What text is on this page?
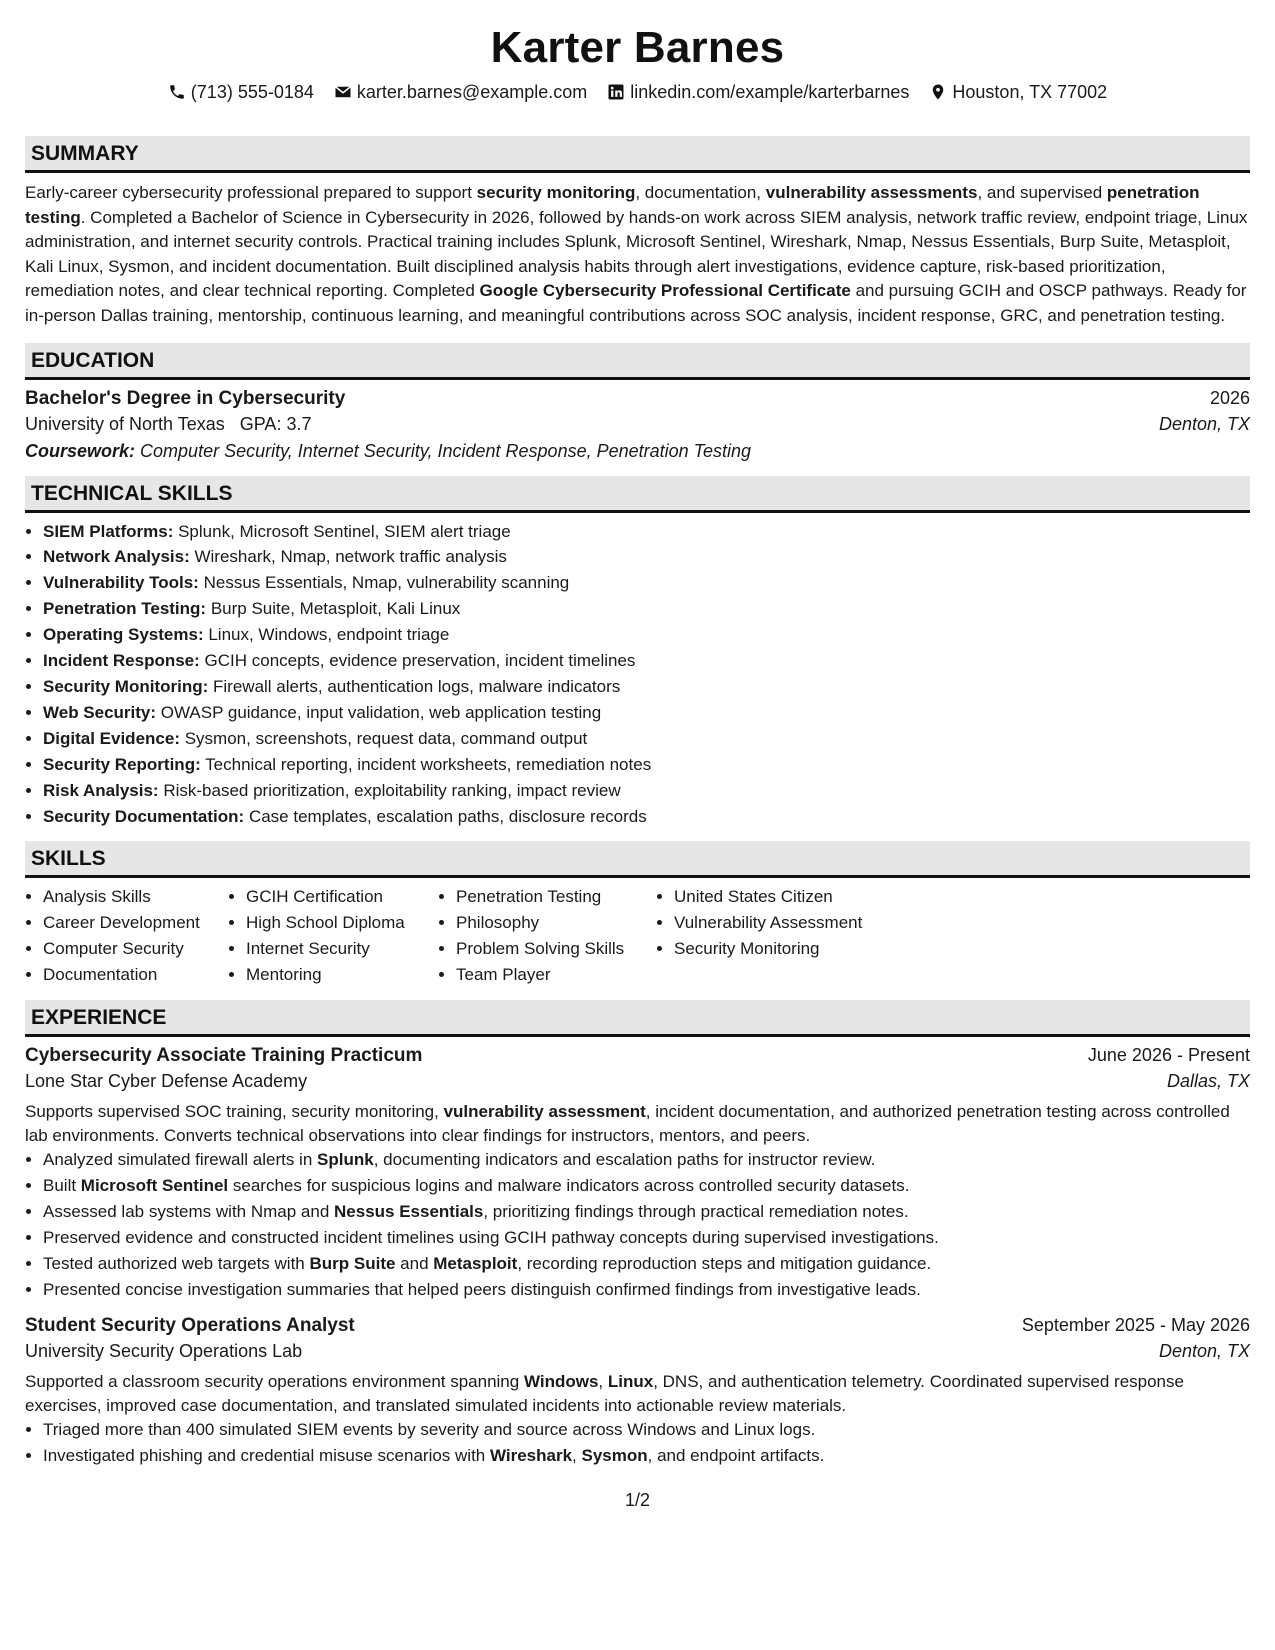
Karter Barnes
(713) 555-0184 karter.barnes@example.com linkedin.com/example/karterbarnes Houston, TX 77002
SUMMARY
Early-career cybersecurity professional prepared to support security monitoring, documentation, vulnerability assessments, and supervised penetration testing. Completed a Bachelor of Science in Cybersecurity in 2026, followed by hands-on work across SIEM analysis, network traffic review, endpoint triage, Linux administration, and internet security controls. Practical training includes Splunk, Microsoft Sentinel, Wireshark, Nmap, Nessus Essentials, Burp Suite, Metasploit, Kali Linux, Sysmon, and incident documentation. Built disciplined analysis habits through alert investigations, evidence capture, risk-based prioritization, remediation notes, and clear technical reporting. Completed Google Cybersecurity Professional Certificate and pursuing GCIH and OSCP pathways. Ready for in-person Dallas training, mentorship, continuous learning, and meaningful contributions across SOC analysis, incident response, GRC, and penetration testing.
EDUCATION
Bachelor's Degree in Cybersecurity	2026
University of North Texas GPA: 3.7	Denton, TX
Coursework: Computer Security, Internet Security, Incident Response, Penetration Testing
TECHNICAL SKILLS
• SIEM Platforms: Splunk, Microsoft Sentinel, SIEM alert triage
• Network Analysis: Wireshark, Nmap, network traffic analysis
• Vulnerability Tools: Nessus Essentials, Nmap, vulnerability scanning
• Penetration Testing: Burp Suite, Metasploit, Kali Linux
• Operating Systems: Linux, Windows, endpoint triage
• Incident Response: GCIH concepts, evidence preservation, incident timelines
• Security Monitoring: Firewall alerts, authentication logs, malware indicators
• Web Security: OWASP guidance, input validation, web application testing
• Digital Evidence: Sysmon, screenshots, request data, command output
• Security Reporting: Technical reporting, incident worksheets, remediation notes
• Risk Analysis: Risk-based prioritization, exploitability ranking, impact review
• Security Documentation: Case templates, escalation paths, disclosure records
SKILLS
• Analysis Skills
• Career Development
• Computer Security
• Documentation
• GCIH Certification
• High School Diploma
• Internet Security
• Mentoring
• Penetration Testing
• Philosophy
• Problem Solving Skills
• Team Player
• United States Citizen
• Vulnerability Assessment
• Security Monitoring
EXPERIENCE
Cybersecurity Associate Training Practicum	June 2026 - Present
Lone Star Cyber Defense Academy	Dallas, TX
Supports supervised SOC training, security monitoring, vulnerability assessment, incident documentation, and authorized penetration testing across controlled lab environments. Converts technical observations into clear findings for instructors, mentors, and peers.
• Analyzed simulated firewall alerts in Splunk, documenting indicators and escalation paths for instructor review.
• Built Microsoft Sentinel searches for suspicious logins and malware indicators across controlled security datasets.
• Assessed lab systems with Nmap and Nessus Essentials, prioritizing findings through practical remediation notes.
• Preserved evidence and constructed incident timelines using GCIH pathway concepts during supervised investigations.
• Tested authorized web targets with Burp Suite and Metasploit, recording reproduction steps and mitigation guidance.
• Presented concise investigation summaries that helped peers distinguish confirmed findings from investigative leads.
Student Security Operations Analyst	September 2025 - May 2026
University Security Operations Lab	Denton, TX
Supported a classroom security operations environment spanning Windows, Linux, DNS, and authentication telemetry. Coordinated supervised response exercises, improved case documentation, and translated simulated incidents into actionable review materials.
• Triaged more than 400 simulated SIEM events by severity and source across Windows and Linux logs.
• Investigated phishing and credential misuse scenarios with Wireshark, Sysmon, and endpoint artifacts.
1/2
